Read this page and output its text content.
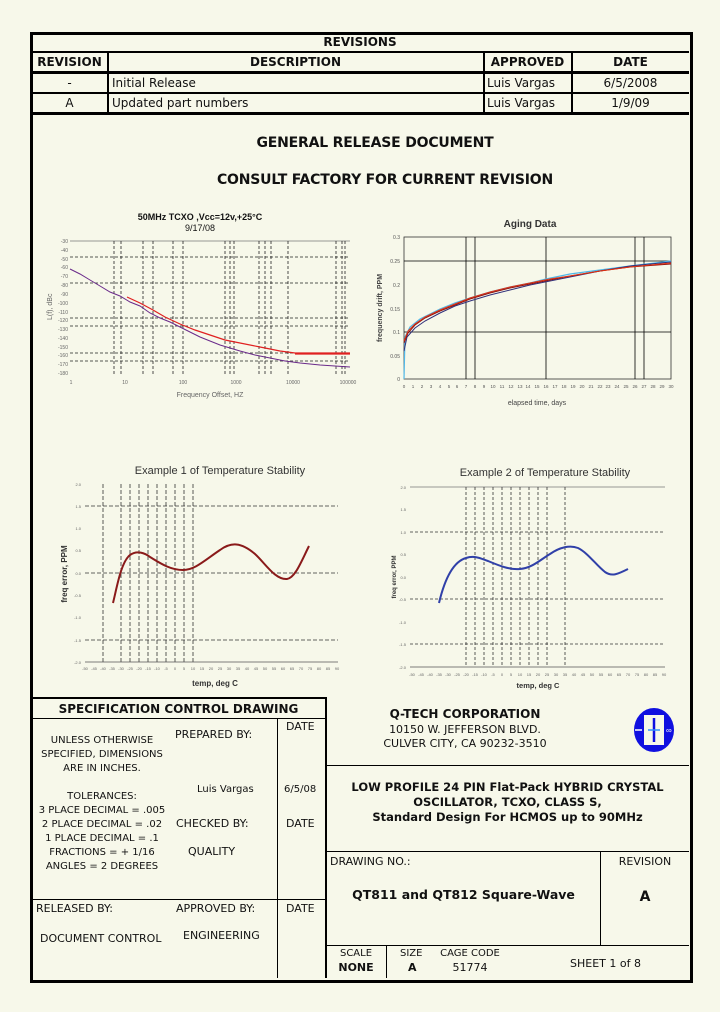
REVISIONS
REVISION	DESCRIPTION	APPROVED	DATE
-	Initial Release	Luis Vargas	6/5/2008
A	Updated part numbers	Luis Vargas	1/9/09
GENERAL RELEASE DOCUMENT
CONSULT FACTORY FOR CURRENT REVISION
50MHz TCXO ,Vcc=12v,+25°C
9/17/08
-30
-40
-50
-60
-70
-80
-90
-100
-110
-120
-130
-140
-150
-160
-170
-180
1	10	100	1000	10000	100000
Frequency Offset, HZ
L(f), dBc
Aging Data
0.3
0.25
0.2
0.15
0.1
0.05
0
0 1 2 3 4 5 6 7 8 9 10 11 12 13 14 15 16 17 18 19 20 21 22 23 24 25 26 27 28 29 30
elapsed time, days
frequency drift, PPM
Example 1 of Temperature Stability
2.0
1.5
1.0
0.5
0.0
-0.5
-1.0
-1.5
-2.0
-50 -45 -40 -35 -30 -25 -20 -15 -10 -5 0 5 10 15 20 25 30 35 40 45 50 55 60 65 70 75 80 85 90
temp, deg C
freq error, PPM
Example 2 of Temperature Stability
2.0
1.5
1.0
0.5
0.0
-0.5
-1.0
-1.5
-2.0
-50 -45 -40 -35 -30 -25 -20 -15 -10 -5 0 5 10 15 20 25 30 35 40 45 50 55 60 65 70 75 80 85 90
temp, deg C
freq error, PPM
SPECIFICATION CONTROL DRAWING
UNLESS OTHERWISE
SPECIFIED, DIMENSIONS
ARE IN INCHES.
TOLERANCES:
3 PLACE DECIMAL = .005
2 PLACE DECIMAL = .02
1 PLACE DECIMAL = .1
FRACTIONS = + 1/16
ANGLES = 2 DEGREES
PREPARED BY:
Luis Vargas
DATE
6/5/08
CHECKED BY:
QUALITY
DATE
RELEASED BY:
DOCUMENT CONTROL
APPROVED BY:
ENGINEERING
DATE
Q-TECH CORPORATION
10150 W. JEFFERSON BLVD.
CULVER CITY, CA 90232-3510
∞
LOW PROFILE 24 PIN Flat-Pack HYBRID CRYSTAL
OSCILLATOR, TCXO, CLASS S,
Standard Design For HCMOS up to 90MHz
DRAWING NO.:
QT811 and QT812 Square-Wave
REVISION
A
SCALE
NONE
SIZE
A
CAGE CODE
51774	SHEET 1 of 8
